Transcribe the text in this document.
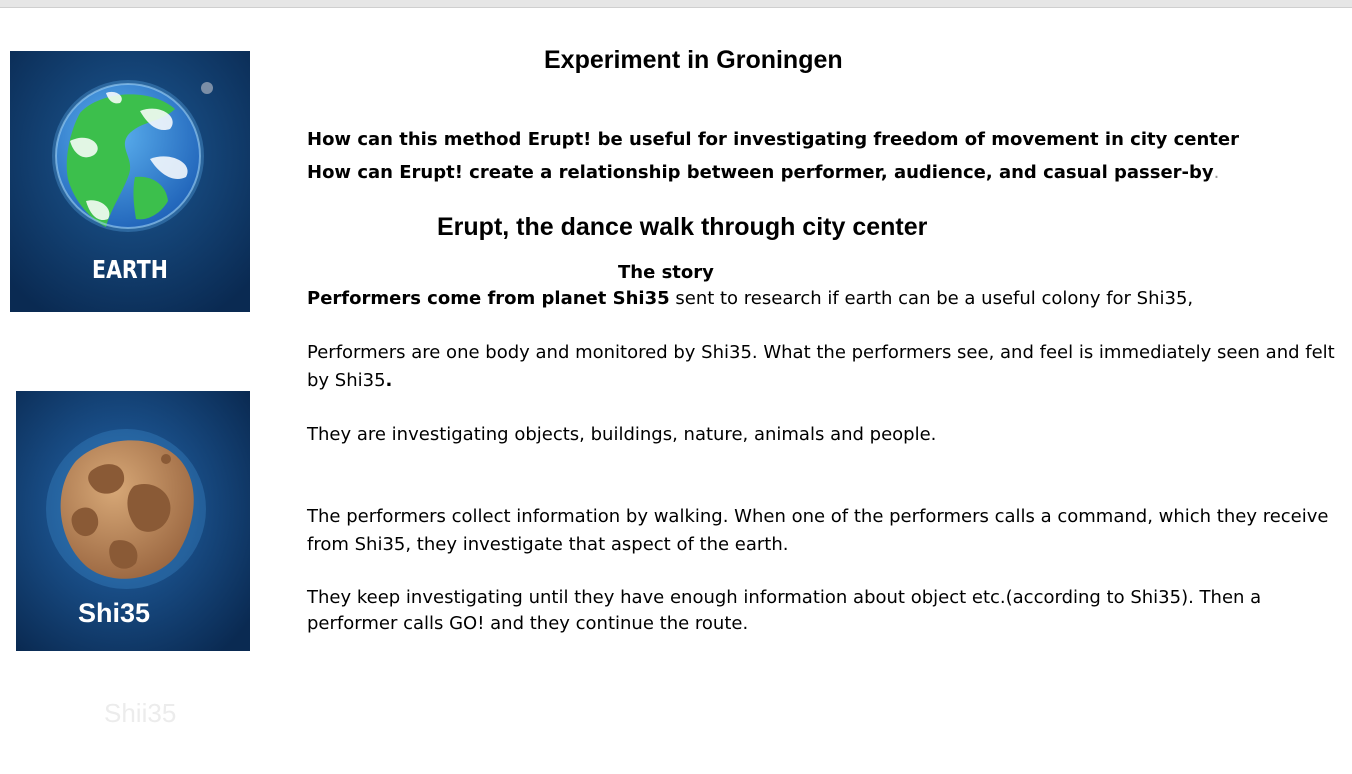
EARTH
Shi35
Shii35
Experiment in Groningen
How can this method Erupt! be useful for investigating freedom of movement in city center
How can Erupt! create a relationship between performer, audience, and casual passer-by.
Erupt, the dance walk through city center
The story
Performers come from planet Shi35 sent to research if earth can be a useful colony for Shi35,
Performers are one body and monitored by Shi35. What the performers see, and feel is immediately seen and felt by Shi35.
They are investigating objects, buildings, nature, animals and people.
The performers collect information by walking. When one of the performers calls a command, which they receive from Shi35, they investigate that aspect of the earth.
They keep investigating until they have enough information about object etc.(according to Shi35). Then a performer calls GO! and they continue the route.
